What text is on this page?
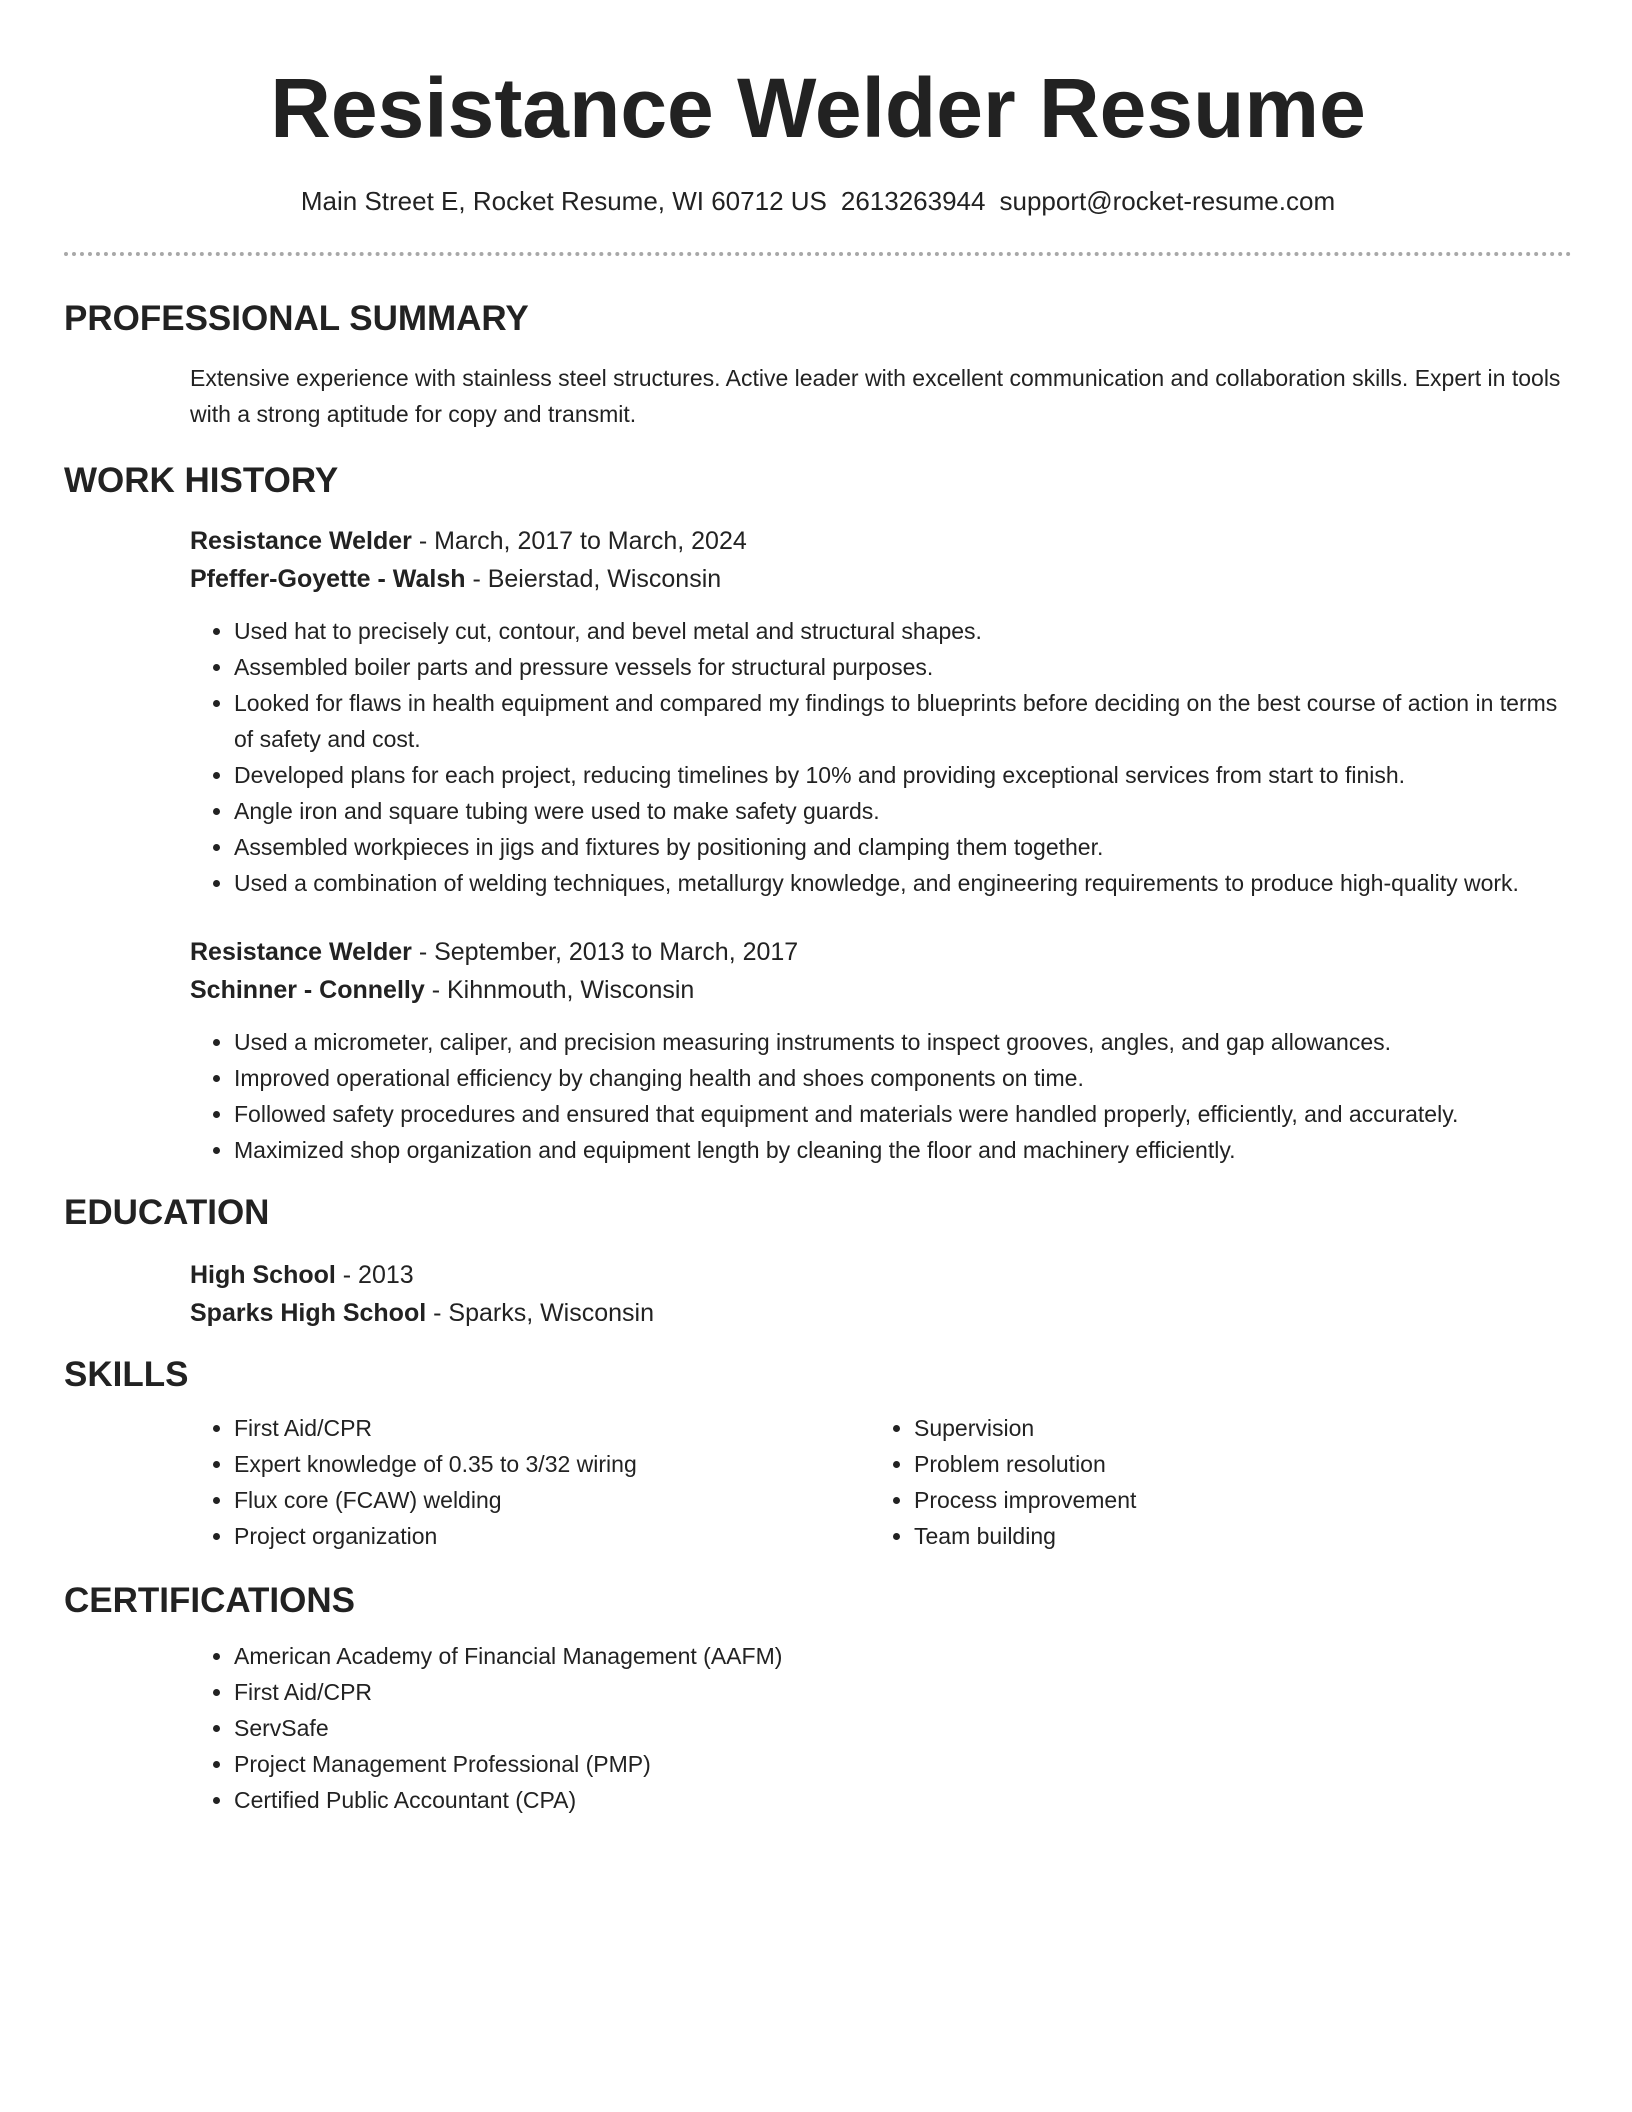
Resistance Welder Resume
Main Street E, Rocket Resume, WI 60712 US 2613263944 support@rocket-resume.com
PROFESSIONAL SUMMARY

Extensive experience with stainless steel structures. Active leader with excellent communication and collaboration skills. Expert in tools with a strong aptitude for copy and transmit.

WORK HISTORY

Resistance Welder - March, 2017 to March, 2024

Pfeffer-Goyette - Walsh - Beierstad, Wisconsin

• Used hat to precisely cut, contour, and bevel metal and structural shapes.
• Assembled boiler parts and pressure vessels for structural purposes.
• Looked for flaws in health equipment and compared my findings to blueprints before deciding on the best course of action in terms of safety and cost.
• Developed plans for each project, reducing timelines by 10% and providing exceptional services from start to finish.
• Angle iron and square tubing were used to make safety guards.
• Assembled workpieces in jigs and fixtures by positioning and clamping them together.
• Used a combination of welding techniques, metallurgy knowledge, and engineering requirements to produce high-quality work.

Resistance Welder - September, 2013 to March, 2017

Schinner - Connelly - Kihnmouth, Wisconsin

• Used a micrometer, caliper, and precision measuring instruments to inspect grooves, angles, and gap allowances.
• Improved operational efficiency by changing health and shoes components on time.
• Followed safety procedures and ensured that equipment and materials were handled properly, efficiently, and accurately.
• Maximized shop organization and equipment length by cleaning the floor and machinery efficiently.
EDUCATION

High School - 2013

Sparks High School - Sparks, Wisconsin

SKILLS
• First Aid/CPR
• Expert knowledge of 0.35 to 3/32 wiring
• Flux core (FCAW) welding
• Project organization
• Supervision
• Problem resolution
• Process improvement
• Team building
CERTIFICATIONS
• American Academy of Financial Management (AAFM)
• First Aid/CPR
• ServSafe
• Project Management Professional (PMP)
• Certified Public Accountant (CPA)
